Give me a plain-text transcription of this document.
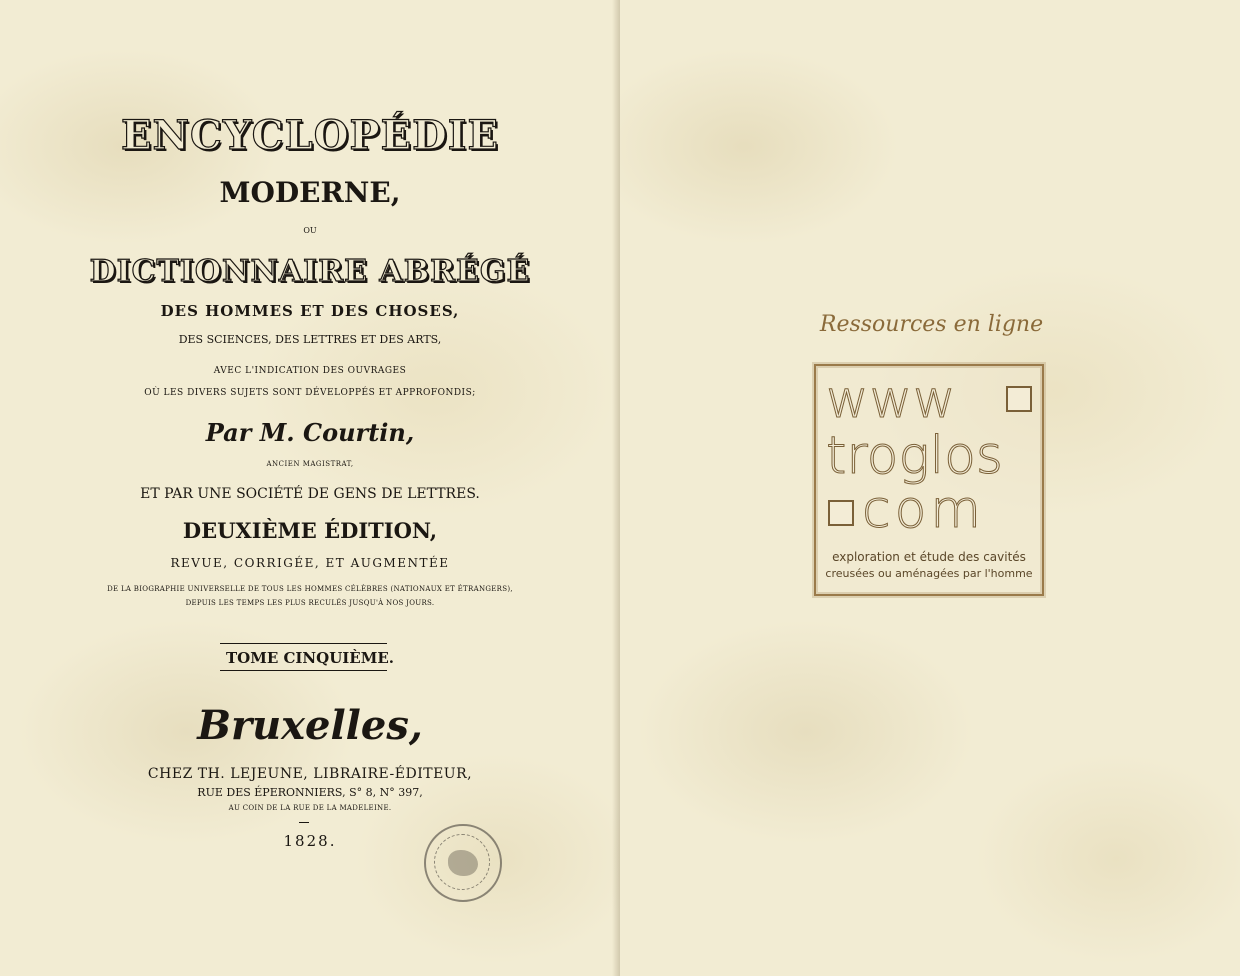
ENCYCLOPÉDIE

MODERNE,

OU

DICTIONNAIRE ABRÉGÉ

DES HOMMES ET DES CHOSES,

DES SCIENCES, DES LETTRES ET DES ARTS,

AVEC L'INDICATION DES OUVRAGES

OÙ LES DIVERS SUJETS SONT DÉVELOPPÉS ET APPROFONDIS;

Par M. Courtin,

ANCIEN MAGISTRAT,

ET PAR UNE SOCIÉTÉ DE GENS DE LETTRES.

DEUXIÈME ÉDITION,

REVUE, CORRIGÉE, ET AUGMENTÉE

DE LA BIOGRAPHIE UNIVERSELLE DE TOUS LES HOMMES CÉLÈBRES (NATIONAUX ET ÉTRANGERS),

DEPUIS LES TEMPS LES PLUS RECULÉS JUSQU'À NOS JOURS.

TOME CINQUIÈME.

Bruxelles,

CHEZ TH. LEJEUNE, LIBRAIRE-ÉDITEUR,

RUE DES ÉPERONNIERS, S° 8, N° 397,

AU COIN DE LA RUE DE LA MADELEINE.

1828.

Ressources en ligne
www
troglos
com
exploration et étude des cavités
creusées ou aménagées par l'homme
